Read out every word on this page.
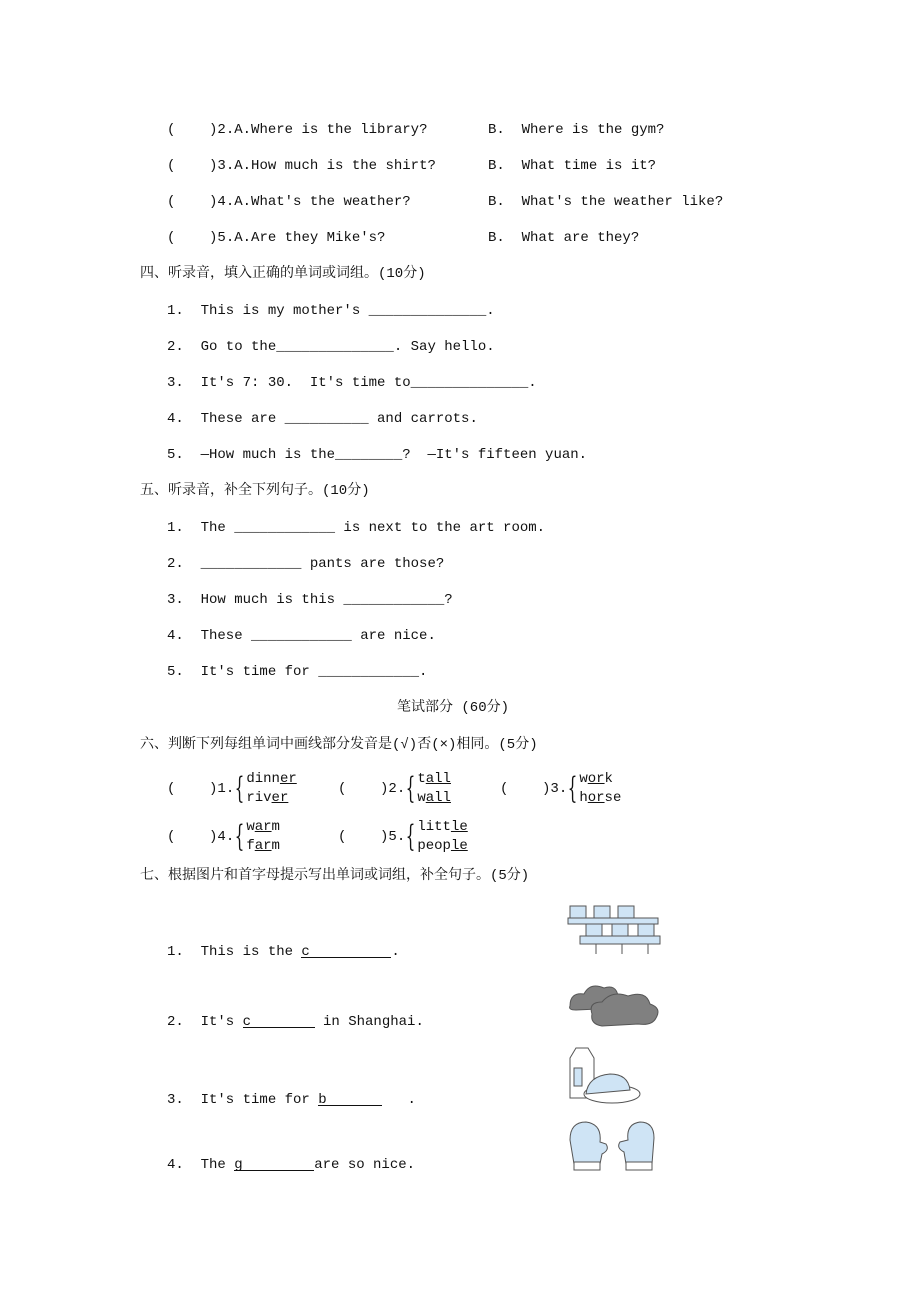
(    )2.A.Where is the library?	B.  Where is the gym?
(    )3.A.How much is the shirt?	B.  What time is it?
(    )4.A.What's the weather?	B.  What's the weather like?
(    )5.A.Are they Mike's?	B.  What are they?
四、听录音，填入正确的单词或词组。(10分)
1.  This is my mother's ______________.
2.  Go to the______________. Say hello.
3.  It's 7: 30.  It's time to______________.
4.  These are __________ and carrots.
5.  —How much is the________?  —It's fifteen yuan.
五、听录音，补全下列句子。(10分)
1.  The ____________ is next to the art room.
2.  ____________ pants are those?
3.  How much is this ____________?
4.  These ____________ are nice.
5.  It's time for ____________.
笔试部分 (60分)
六、判断下列每组单词中画线部分发音是(√)否(×)相同。(5分)
(    ) 1. { dinner
river
(    ) 2. { tall
wall
(    ) 3. { work
horse
(    ) 4. { warm
farm
(    ) 5. { little
people
七、根据图片和首字母提示写出单词或词组，补全句子。(5分)
1.  This is the c	.
2.  It's c	in Shanghai.
3.  It's time for b	.
4.  The g	are so nice.
